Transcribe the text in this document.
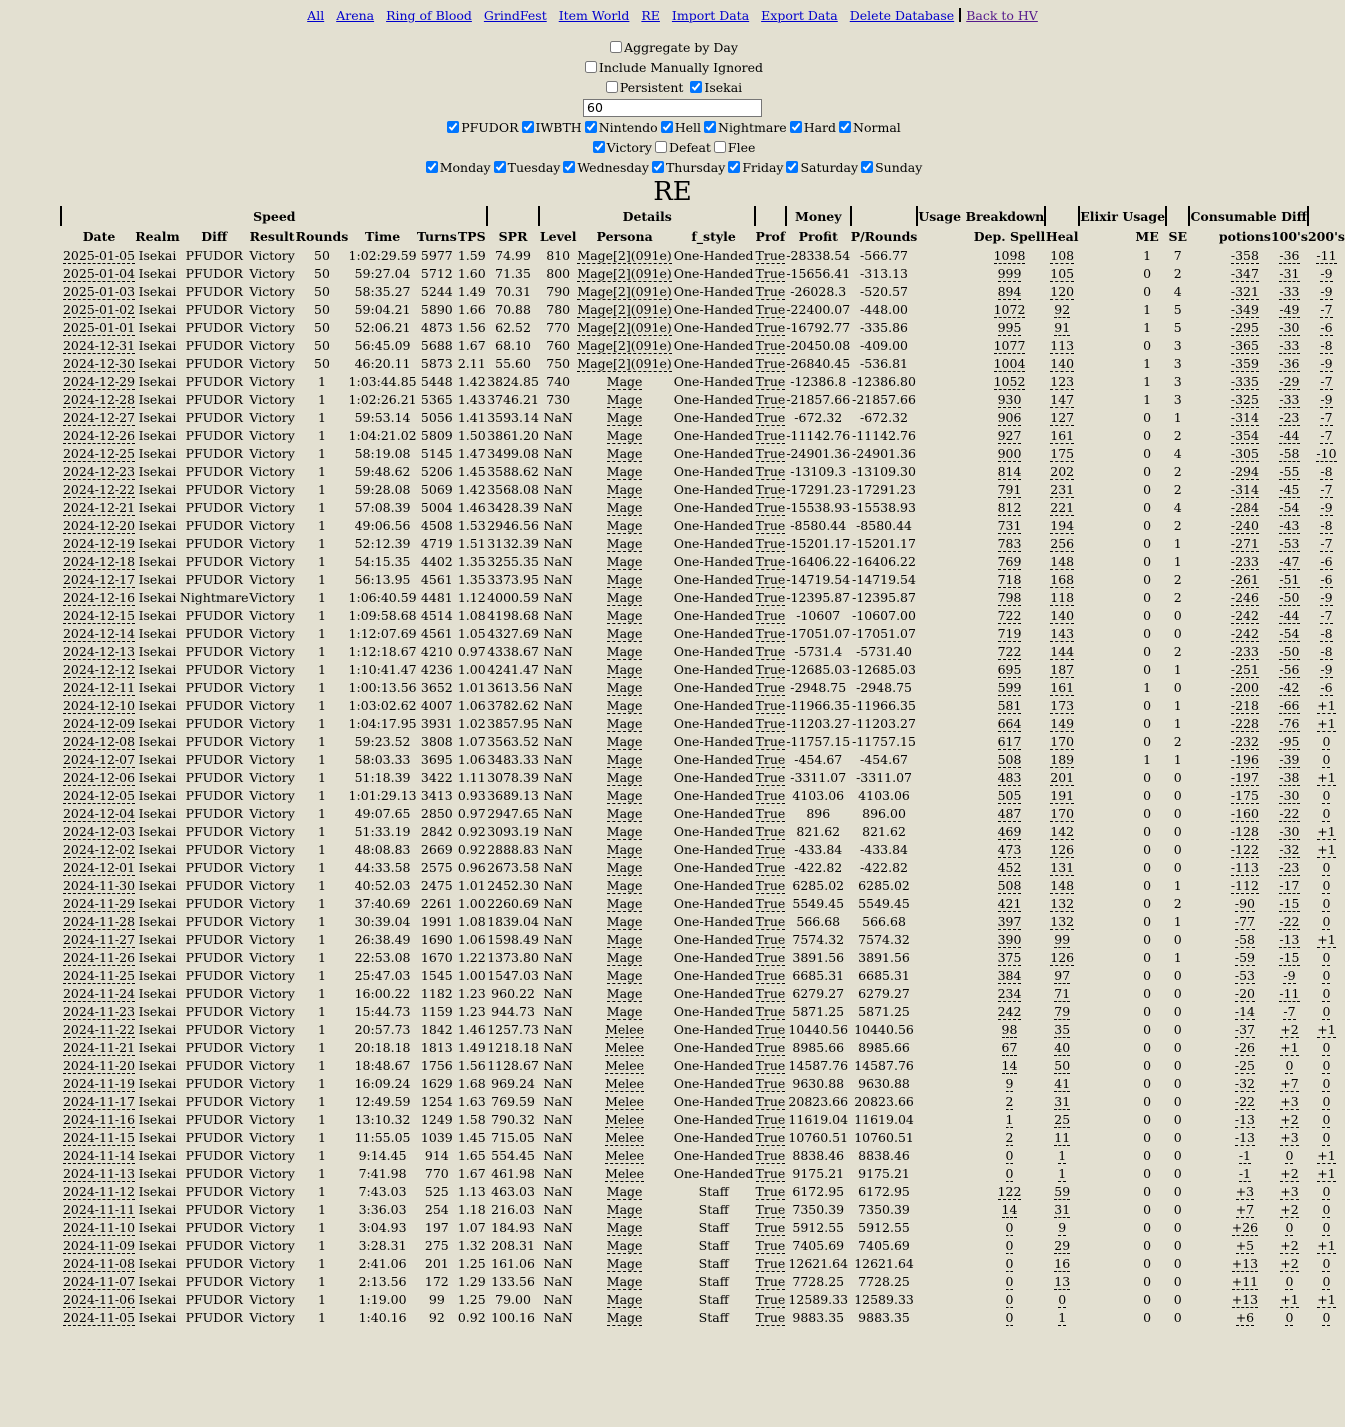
All Arena Ring of Blood GrindFest Item World RE Import Data Export Data Delete Database Back to HV
Aggregate by Day
Include Manually Ignored
Persistent Isekai
60
PFUDOR IWBTH Nintendo Hell Nightmare Hard Normal
Victory Defeat Flee
Monday Tuesday Wednesday Thursday Friday Saturday Sunday
RE
	Speed									Details				Money		Usage Breakdown			Elixir Usage			Consumable Diff			
	Date	Realm	Diff	Result	Rounds	Time	Turns	TPS	SPR		Level	Persona	f_style	Prof		Profit	P/Rounds		Dep. Spell	Heal		ME	SE		potions	100's	200's
	2025-01-05	Isekai	PFUDOR	Victory	50	1:02:29.59	5977	1.59	74.99		810	Mage[2](091e)	One-Handed	True		-28338.54	-566.77		1098	108		1	7		-358	-36	-11
	2025-01-04	Isekai	PFUDOR	Victory	50	59:27.04	5712	1.60	71.35		800	Mage[2](091e)	One-Handed	True		-15656.41	-313.13		999	105		0	2		-347	-31	-9
	2025-01-03	Isekai	PFUDOR	Victory	50	58:35.27	5244	1.49	70.31		790	Mage[2](091e)	One-Handed	True		-26028.3	-520.57		894	120		0	4		-321	-33	-9
	2025-01-02	Isekai	PFUDOR	Victory	50	59:04.21	5890	1.66	70.88		780	Mage[2](091e)	One-Handed	True		-22400.07	-448.00		1072	92		1	5		-349	-49	-7
	2025-01-01	Isekai	PFUDOR	Victory	50	52:06.21	4873	1.56	62.52		770	Mage[2](091e)	One-Handed	True		-16792.77	-335.86		995	91		1	5		-295	-30	-6
	2024-12-31	Isekai	PFUDOR	Victory	50	56:45.09	5688	1.67	68.10		760	Mage[2](091e)	One-Handed	True		-20450.08	-409.00		1077	113		0	3		-365	-33	-8
	2024-12-30	Isekai	PFUDOR	Victory	50	46:20.11	5873	2.11	55.60		750	Mage[2](091e)	One-Handed	True		-26840.45	-536.81		1004	140		1	3		-359	-36	-9
	2024-12-29	Isekai	PFUDOR	Victory	1	1:03:44.85	5448	1.42	3824.85		740	Mage	One-Handed	True		-12386.8	-12386.80		1052	123		1	3		-335	-29	-7
	2024-12-28	Isekai	PFUDOR	Victory	1	1:02:26.21	5365	1.43	3746.21		730	Mage	One-Handed	True		-21857.66	-21857.66		930	147		1	3		-325	-33	-9
	2024-12-27	Isekai	PFUDOR	Victory	1	59:53.14	5056	1.41	3593.14		NaN	Mage	One-Handed	True		-672.32	-672.32		906	127		0	1		-314	-23	-7
	2024-12-26	Isekai	PFUDOR	Victory	1	1:04:21.02	5809	1.50	3861.20		NaN	Mage	One-Handed	True		-11142.76	-11142.76		927	161		0	2		-354	-44	-7
	2024-12-25	Isekai	PFUDOR	Victory	1	58:19.08	5145	1.47	3499.08		NaN	Mage	One-Handed	True		-24901.36	-24901.36		900	175		0	4		-305	-58	-10
	2024-12-23	Isekai	PFUDOR	Victory	1	59:48.62	5206	1.45	3588.62		NaN	Mage	One-Handed	True		-13109.3	-13109.30		814	202		0	2		-294	-55	-8
	2024-12-22	Isekai	PFUDOR	Victory	1	59:28.08	5069	1.42	3568.08		NaN	Mage	One-Handed	True		-17291.23	-17291.23		791	231		0	2		-314	-45	-7
	2024-12-21	Isekai	PFUDOR	Victory	1	57:08.39	5004	1.46	3428.39		NaN	Mage	One-Handed	True		-15538.93	-15538.93		812	221		0	4		-284	-54	-9
	2024-12-20	Isekai	PFUDOR	Victory	1	49:06.56	4508	1.53	2946.56		NaN	Mage	One-Handed	True		-8580.44	-8580.44		731	194		0	2		-240	-43	-8
	2024-12-19	Isekai	PFUDOR	Victory	1	52:12.39	4719	1.51	3132.39		NaN	Mage	One-Handed	True		-15201.17	-15201.17		783	256		0	1		-271	-53	-7
	2024-12-18	Isekai	PFUDOR	Victory	1	54:15.35	4402	1.35	3255.35		NaN	Mage	One-Handed	True		-16406.22	-16406.22		769	148		0	1		-233	-47	-6
	2024-12-17	Isekai	PFUDOR	Victory	1	56:13.95	4561	1.35	3373.95		NaN	Mage	One-Handed	True		-14719.54	-14719.54		718	168		0	2		-261	-51	-6
	2024-12-16	Isekai	Nightmare	Victory	1	1:06:40.59	4481	1.12	4000.59		NaN	Mage	One-Handed	True		-12395.87	-12395.87		798	118		0	2		-246	-50	-9
	2024-12-15	Isekai	PFUDOR	Victory	1	1:09:58.68	4514	1.08	4198.68		NaN	Mage	One-Handed	True		-10607	-10607.00		722	140		0	0		-242	-44	-7
	2024-12-14	Isekai	PFUDOR	Victory	1	1:12:07.69	4561	1.05	4327.69		NaN	Mage	One-Handed	True		-17051.07	-17051.07		719	143		0	0		-242	-54	-8
	2024-12-13	Isekai	PFUDOR	Victory	1	1:12:18.67	4210	0.97	4338.67		NaN	Mage	One-Handed	True		-5731.4	-5731.40		722	144		0	2		-233	-50	-8
	2024-12-12	Isekai	PFUDOR	Victory	1	1:10:41.47	4236	1.00	4241.47		NaN	Mage	One-Handed	True		-12685.03	-12685.03		695	187		0	1		-251	-56	-9
	2024-12-11	Isekai	PFUDOR	Victory	1	1:00:13.56	3652	1.01	3613.56		NaN	Mage	One-Handed	True		-2948.75	-2948.75		599	161		1	0		-200	-42	-6
	2024-12-10	Isekai	PFUDOR	Victory	1	1:03:02.62	4007	1.06	3782.62		NaN	Mage	One-Handed	True		-11966.35	-11966.35		581	173		0	1		-218	-66	+1
	2024-12-09	Isekai	PFUDOR	Victory	1	1:04:17.95	3931	1.02	3857.95		NaN	Mage	One-Handed	True		-11203.27	-11203.27		664	149		0	1		-228	-76	+1
	2024-12-08	Isekai	PFUDOR	Victory	1	59:23.52	3808	1.07	3563.52		NaN	Mage	One-Handed	True		-11757.15	-11757.15		617	170		0	2		-232	-95	0
	2024-12-07	Isekai	PFUDOR	Victory	1	58:03.33	3695	1.06	3483.33		NaN	Mage	One-Handed	True		-454.67	-454.67		508	189		1	1		-196	-39	0
	2024-12-06	Isekai	PFUDOR	Victory	1	51:18.39	3422	1.11	3078.39		NaN	Mage	One-Handed	True		-3311.07	-3311.07		483	201		0	0		-197	-38	+1
	2024-12-05	Isekai	PFUDOR	Victory	1	1:01:29.13	3413	0.93	3689.13		NaN	Mage	One-Handed	True		4103.06	4103.06		505	191		0	0		-175	-30	0
	2024-12-04	Isekai	PFUDOR	Victory	1	49:07.65	2850	0.97	2947.65		NaN	Mage	One-Handed	True		896	896.00		487	170		0	0		-160	-22	0
	2024-12-03	Isekai	PFUDOR	Victory	1	51:33.19	2842	0.92	3093.19		NaN	Mage	One-Handed	True		821.62	821.62		469	142		0	0		-128	-30	+1
	2024-12-02	Isekai	PFUDOR	Victory	1	48:08.83	2669	0.92	2888.83		NaN	Mage	One-Handed	True		-433.84	-433.84		473	126		0	0		-122	-32	+1
	2024-12-01	Isekai	PFUDOR	Victory	1	44:33.58	2575	0.96	2673.58		NaN	Mage	One-Handed	True		-422.82	-422.82		452	131		0	0		-113	-23	0
	2024-11-30	Isekai	PFUDOR	Victory	1	40:52.03	2475	1.01	2452.30		NaN	Mage	One-Handed	True		6285.02	6285.02		508	148		0	1		-112	-17	0
	2024-11-29	Isekai	PFUDOR	Victory	1	37:40.69	2261	1.00	2260.69		NaN	Mage	One-Handed	True		5549.45	5549.45		421	132		0	2		-90	-15	0
	2024-11-28	Isekai	PFUDOR	Victory	1	30:39.04	1991	1.08	1839.04		NaN	Mage	One-Handed	True		566.68	566.68		397	132		0	1		-77	-22	0
	2024-11-27	Isekai	PFUDOR	Victory	1	26:38.49	1690	1.06	1598.49		NaN	Mage	One-Handed	True		7574.32	7574.32		390	99		0	0		-58	-13	+1
	2024-11-26	Isekai	PFUDOR	Victory	1	22:53.08	1670	1.22	1373.80		NaN	Mage	One-Handed	True		3891.56	3891.56		375	126		0	1		-59	-15	0
	2024-11-25	Isekai	PFUDOR	Victory	1	25:47.03	1545	1.00	1547.03		NaN	Mage	One-Handed	True		6685.31	6685.31		384	97		0	0		-53	-9	0
	2024-11-24	Isekai	PFUDOR	Victory	1	16:00.22	1182	1.23	960.22		NaN	Mage	One-Handed	True		6279.27	6279.27		234	71		0	0		-20	-11	0
	2024-11-23	Isekai	PFUDOR	Victory	1	15:44.73	1159	1.23	944.73		NaN	Mage	One-Handed	True		5871.25	5871.25		242	79		0	0		-14	-7	0
	2024-11-22	Isekai	PFUDOR	Victory	1	20:57.73	1842	1.46	1257.73		NaN	Melee	One-Handed	True		10440.56	10440.56		98	35		0	0		-37	+2	+1
	2024-11-21	Isekai	PFUDOR	Victory	1	20:18.18	1813	1.49	1218.18		NaN	Melee	One-Handed	True		8985.66	8985.66		67	40		0	0		-26	+1	0
	2024-11-20	Isekai	PFUDOR	Victory	1	18:48.67	1756	1.56	1128.67		NaN	Melee	One-Handed	True		14587.76	14587.76		14	50		0	0		-25	0	0
	2024-11-19	Isekai	PFUDOR	Victory	1	16:09.24	1629	1.68	969.24		NaN	Melee	One-Handed	True		9630.88	9630.88		9	41		0	0		-32	+7	0
	2024-11-17	Isekai	PFUDOR	Victory	1	12:49.59	1254	1.63	769.59		NaN	Melee	One-Handed	True		20823.66	20823.66		2	31		0	0		-22	+3	0
	2024-11-16	Isekai	PFUDOR	Victory	1	13:10.32	1249	1.58	790.32		NaN	Melee	One-Handed	True		11619.04	11619.04		1	25		0	0		-13	+2	0
	2024-11-15	Isekai	PFUDOR	Victory	1	11:55.05	1039	1.45	715.05		NaN	Melee	One-Handed	True		10760.51	10760.51		2	11		0	0		-13	+3	0
	2024-11-14	Isekai	PFUDOR	Victory	1	9:14.45	914	1.65	554.45		NaN	Melee	One-Handed	True		8838.46	8838.46		0	1		0	0		-1	0	+1
	2024-11-13	Isekai	PFUDOR	Victory	1	7:41.98	770	1.67	461.98		NaN	Melee	One-Handed	True		9175.21	9175.21		0	1		0	0		-1	+2	+1
	2024-11-12	Isekai	PFUDOR	Victory	1	7:43.03	525	1.13	463.03		NaN	Mage	Staff	True		6172.95	6172.95		122	59		0	0		+3	+3	0
	2024-11-11	Isekai	PFUDOR	Victory	1	3:36.03	254	1.18	216.03		NaN	Mage	Staff	True		7350.39	7350.39		14	31		0	0		+7	+2	0
	2024-11-10	Isekai	PFUDOR	Victory	1	3:04.93	197	1.07	184.93		NaN	Mage	Staff	True		5912.55	5912.55		0	9		0	0		+26	0	0
	2024-11-09	Isekai	PFUDOR	Victory	1	3:28.31	275	1.32	208.31		NaN	Mage	Staff	True		7405.69	7405.69		0	29		0	0		+5	+2	+1
	2024-11-08	Isekai	PFUDOR	Victory	1	2:41.06	201	1.25	161.06		NaN	Mage	Staff	True		12621.64	12621.64		0	16		0	0		+13	+2	0
	2024-11-07	Isekai	PFUDOR	Victory	1	2:13.56	172	1.29	133.56		NaN	Mage	Staff	True		7728.25	7728.25		0	13		0	0		+11	0	0
	2024-11-06	Isekai	PFUDOR	Victory	1	1:19.00	99	1.25	79.00		NaN	Mage	Staff	True		12589.33	12589.33		0	0		0	0		+13	+1	+1
	2024-11-05	Isekai	PFUDOR	Victory	1	1:40.16	92	0.92	100.16		NaN	Mage	Staff	True		9883.35	9883.35		0	1		0	0		+6	0	0
